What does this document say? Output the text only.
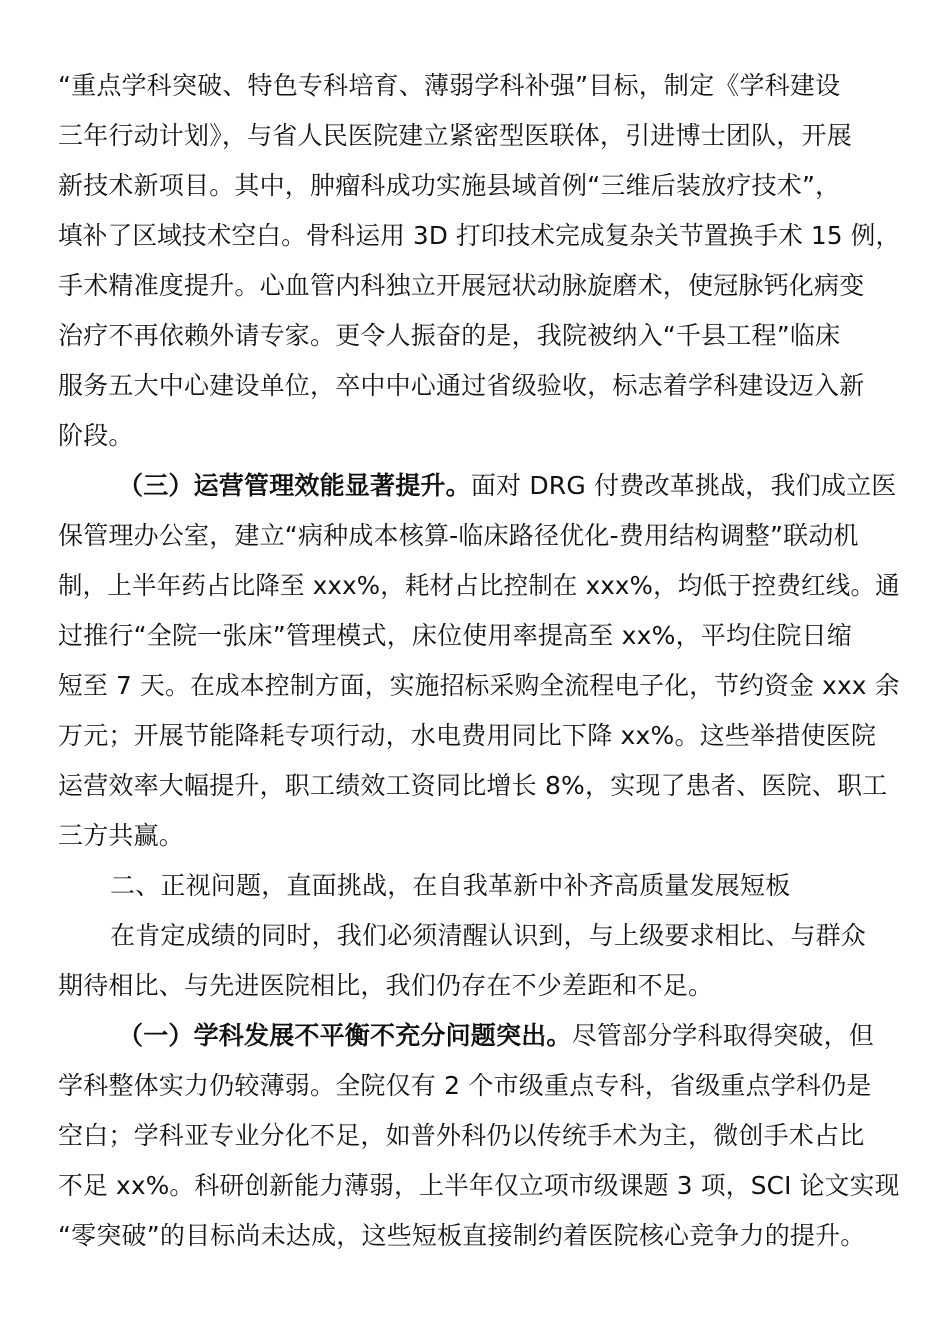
“重点学科突破、特色专科培育、薄弱学科补强”目标，制定《学科建设
三年行动计划》，与省人民医院建立紧密型医联体，引进博士团队，开展
新技术新项目。其中，肿瘤科成功实施县域首例“三维后装放疗技术”，
填补了区域技术空白。骨科运用 3D 打印技术完成复杂关节置换手术 15 例，
手术精准度提升。心血管内科独立开展冠状动脉旋磨术，使冠脉钙化病变
治疗不再依赖外请专家。更令人振奋的是，我院被纳入“千县工程”临床
服务五大中心建设单位，卒中中心通过省级验收，标志着学科建设迈入新
阶段。
（三）运营管理效能显著提升。面对 DRG 付费改革挑战，我们成立医
保管理办公室，建立“病种成本核算-临床路径优化-费用结构调整”联动机
制，上半年药占比降至 xxx%，耗材占比控制在 xxx%，均低于控费红线。通
过推行“全院一张床”管理模式，床位使用率提高至 xx%，平均住院日缩
短至 7 天。在成本控制方面，实施招标采购全流程电子化，节约资金 xxx 余
万元；开展节能降耗专项行动，水电费用同比下降 xx%。这些举措使医院
运营效率大幅提升，职工绩效工资同比增长 8%，实现了患者、医院、职工
三方共赢。
二、正视问题，直面挑战，在自我革新中补齐高质量发展短板
在肯定成绩的同时，我们必须清醒认识到，与上级要求相比、与群众
期待相比、与先进医院相比，我们仍存在不少差距和不足。
（一）学科发展不平衡不充分问题突出。尽管部分学科取得突破，但
学科整体实力仍较薄弱。全院仅有 2 个市级重点专科，省级重点学科仍是
空白；学科亚专业分化不足，如普外科仍以传统手术为主，微创手术占比
不足 xx%。科研创新能力薄弱，上半年仅立项市级课题 3 项，SCI 论文实现
“零突破”的目标尚未达成，这些短板直接制约着医院核心竞争力的提升。
